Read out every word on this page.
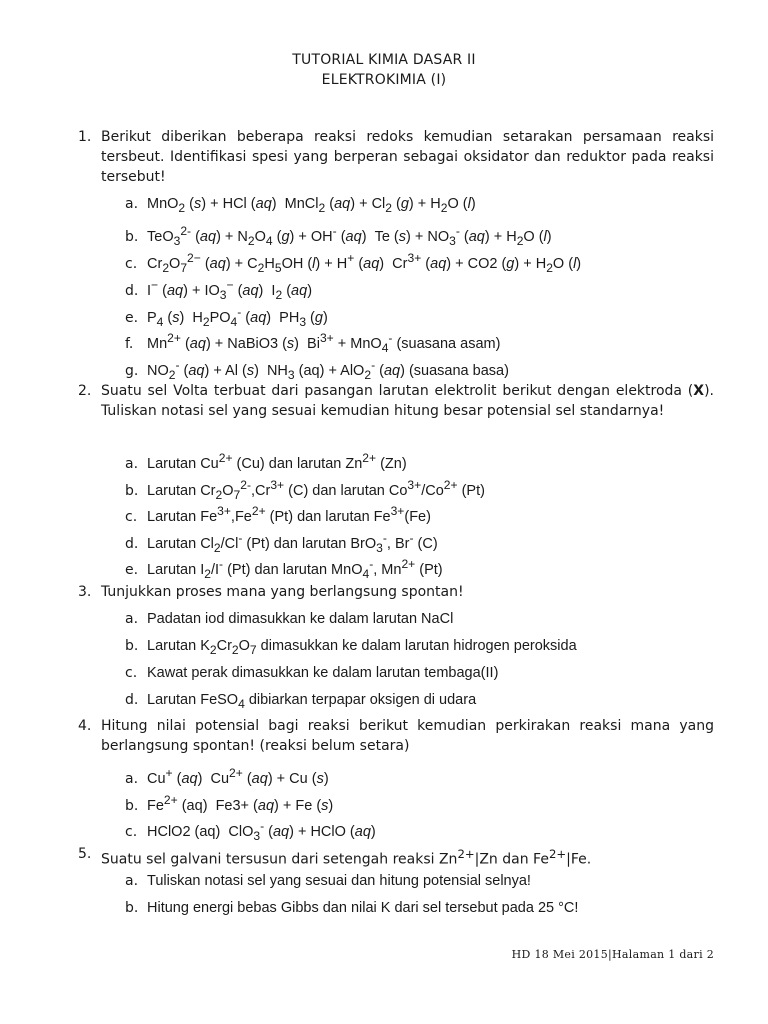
TUTORIAL KIMIA DASAR II
ELEKTROKIMIA (I)
1. Berikut diberikan beberapa reaksi redoks kemudian setarakan persamaan reaksi tersbeut. Identifikasi spesi yang berperan sebagai oksidator dan reduktor pada reaksi tersebut!
a. MnO$_2$ (s) + HCl (aq)  MnCl$_2$ $(aq) + Cl_2$ $(g) + H_2O$ (l)
b. TeO$_3^{2-}$ $(aq) + N_2O_4$ (g) + OH- (aq)  Te $(s) + NO_3^-$ $(aq) + H_2O$ (l)
c. $Cr_2O_7^{2-}$ $(aq) + C_2H_5OH$ (l) + H+ (aq)  $Cr^{3+}$ (aq) + CO2 $(g) + H_2O$ (l)
d. I− $(aq) + IO_3^-$ (aq)  $I_2$ (aq)
e. $P_4$ (s)  $H_2PO_4^-$ (aq)  $PH_3$ (g)
f. $Mn^{2+}$ (aq) + NaBiO3 (s)  $Bi^{3+} + MnO_4^-$ (suasana asam)
g. $NO_2^-$ (aq) + Al (s)  $NH_3$ (aq) + AlO$_2$- (aq) (suasana basa)
2. Suatu sel Volta terbuat dari pasangan larutan elektrolit berikut dengan elektroda (X). Tuliskan notasi sel yang sesuai kemudian hitung besar potensial sel standarnya!
a. Larutan $Cu^{2+}$ (Cu) dan larutan $Zn^{2+}$ (Zn)
b. Larutan $Cr_2O_7^{2-},Cr^{3+}$ (C) dan larutan $Co^{3+}/Co^{2+}$ (Pt)
c. Larutan $Fe^{3+},Fe^{2+}$ (Pt) dan larutan $Fe^{3+}(Fe)$
d. Larutan $Cl_2/Cl^-$ (Pt) dan larutan BrO$_3$-, Br- (C)
e. Larutan $I_2/I^-$ (Pt) dan larutan MnO$_4$-, $Mn^{2+}$ (Pt)
3. Tunjukkan proses mana yang berlangsung spontan!
a. Padatan iod dimasukkan ke dalam larutan NaCl
b. Larutan $K_2Cr_2O_7$ dimasukkan ke dalam larutan hidrogen peroksida
c. Kawat perak dimasukkan ke dalam larutan tembaga(II)
d. Larutan FeSO$_4$ dibiarkan terpapar oksigen di udara
4. Hitung nilai potensial bagi reaksi berikut kemudian perkirakan reaksi mana yang berlangsung spontan! (reaksi belum setara)
a. Cu+ (aq)  $Cu^{2+}$ (aq) + Cu (s)
b. $Fe^{2+}$ (aq)  Fe3+ (aq) + Fe (s)
c. HClO2 (aq)  ClO$_3$- (aq) + HClO (aq)
5. Suatu sel galvani tersusun dari setengah reaksi $Zn^{2+}|Zn$ dan $Fe^{2+}|Fe$.
a. Tuliskan notasi sel yang sesuai dan hitung potensial selnya!
b. Hitung energi bebas Gibbs dan nilai K dari sel tersebut pada 25 °C!
HD 18 Mei 2015|Halaman 1 dari 2
